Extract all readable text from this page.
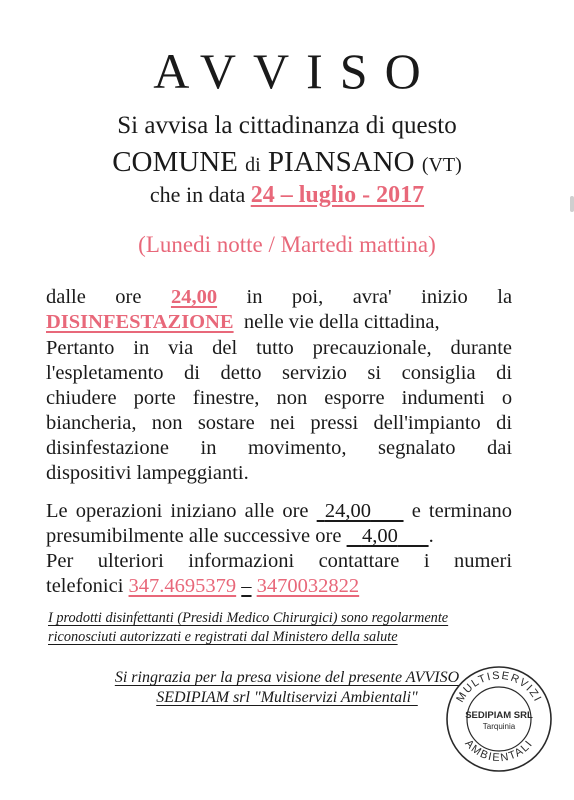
AVVISO
Si avvisa la cittadinanza di questo
COMUNE di PIANSANO (VT)
che in data 24 – luglio - 2017
(Lunedi notte / Martedi mattina)
dalle ore 24,00 in poi, avra' inizio la
DISINFESTAZIONE nelle vie della cittadina,
Pertanto in via del tutto precauzionale, durante
l'espletamento di detto servizio si consiglia di
chiudere porte finestre, non esporre indumenti o
biancheria, non sostare nei pressi dell'impianto di
disinfestazione in movimento, segnalato dai
dispositivi lampeggianti.
Le operazioni iniziano alle ore 24,00 e terminano
presumibilmente alle successive ore 4,00 .
Per ulteriori informazioni contattare i numeri
telefonici 347.4695379 – 3470032822
I prodotti disinfettanti (Presidi Medico Chirurgici) sono regolarmente riconosciuti autorizzati e registrati dal Ministero della salute
Si ringrazia per la presa visione del presente AVVISO
SEDIPIAM srl "Multiservizi Ambientali"	MULTISERVIZI
AMBIENTALI
SEDIPIAM SRL
Tarquinia
